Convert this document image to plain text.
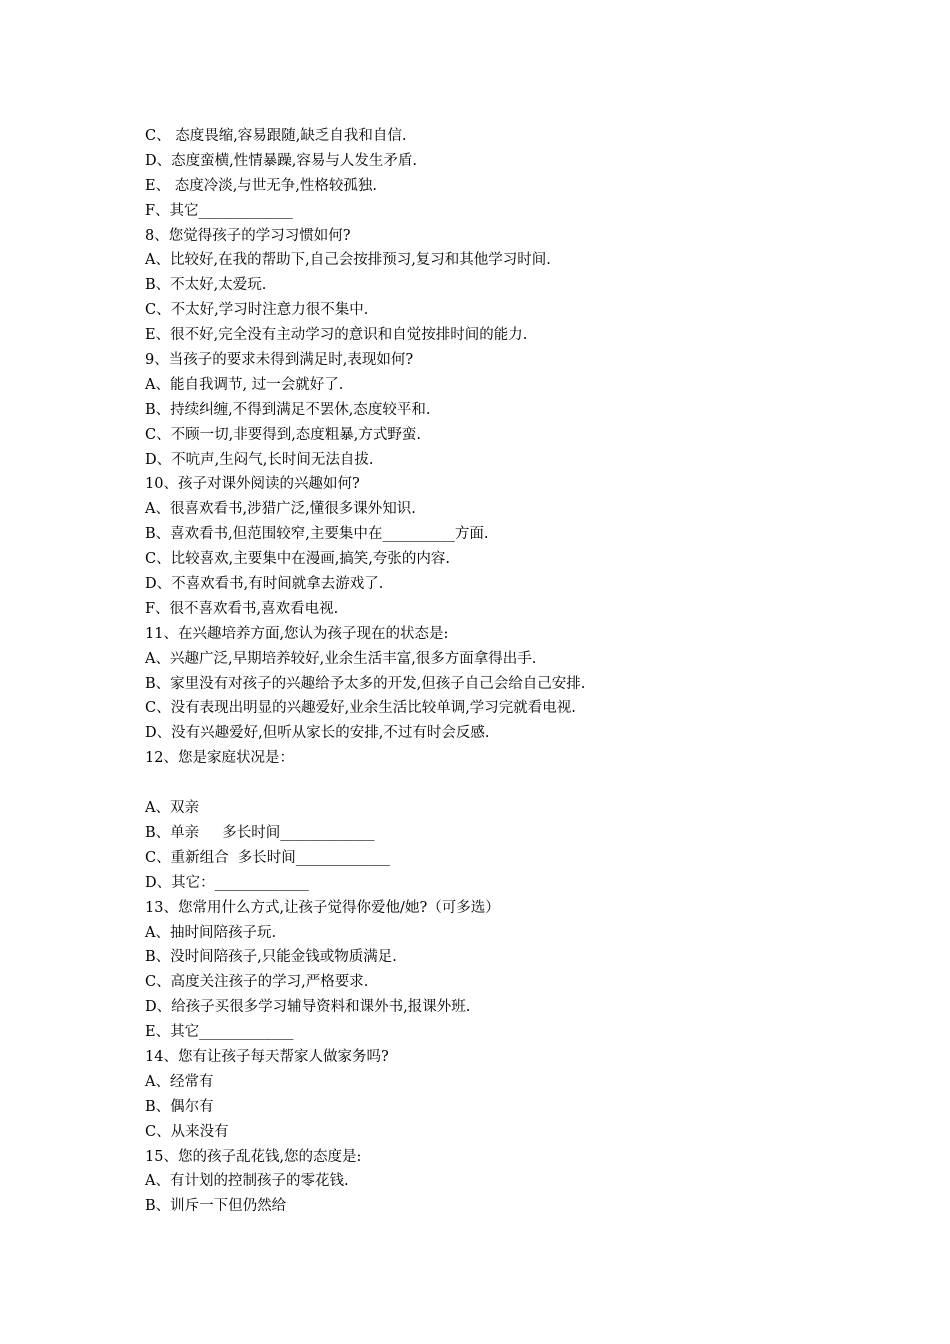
C、 态度畏缩,容易跟随,缺乏自我和自信.
D、态度蛮横,性情暴躁,容易与人发生矛盾.
E、 态度冷淡,与世无争,性格较孤独.
F、其它_____________
8、您觉得孩子的学习习惯如何?
A、比较好,在我的帮助下,自己会按排预习,复习和其他学习时间.
B、不太好,太爱玩.
C、不太好,学习时注意力很不集中.
E、很不好,完全没有主动学习的意识和自觉按排时间的能力.
9、当孩子的要求未得到满足时,表现如何?
A、能自我调节, 过一会就好了.
B、持续纠缠,不得到满足不罢休,态度较平和.
C、不顾一切,非要得到,态度粗暴,方式野蛮.
D、不吭声,生闷气,长时间无法自拔.
10、孩子对课外阅读的兴趣如何?
A、很喜欢看书,涉猎广泛,懂很多课外知识.
B、喜欢看书,但范围较窄,主要集中在__________方面.
C、比较喜欢,主要集中在漫画,搞笑,夸张的内容.
D、不喜欢看书,有时间就拿去游戏了.
F、很不喜欢看书,喜欢看电视.
11、在兴趣培养方面,您认为孩子现在的状态是:
A、兴趣广泛,早期培养较好,业余生活丰富,很多方面拿得出手.
B、家里没有对孩子的兴趣给予太多的开发,但孩子自己会给自己安排.
C、没有表现出明显的兴趣爱好,业余生活比较单调,学习完就看电视.
D、没有兴趣爱好,但听从家长的安排,不过有时会反感.
12、您是家庭状况是：
A、双亲
B、单亲     多长时间_____________
C、重新组合  多长时间_____________
D、其它：_____________
13、您常用什么方式,让孩子觉得你爱他/她?（可多选）
A、抽时间陪孩子玩.
B、没时间陪孩子,只能金钱或物质满足.
C、高度关注孩子的学习,严格要求.
D、给孩子买很多学习辅导资料和课外书,报课外班.
E、其它_____________
14、您有让孩子每天帮家人做家务吗?
A、经常有
B、偶尔有
C、从来没有
15、您的孩子乱花钱,您的态度是:
A、有计划的控制孩子的零花钱.
B、训斥一下但仍然给
